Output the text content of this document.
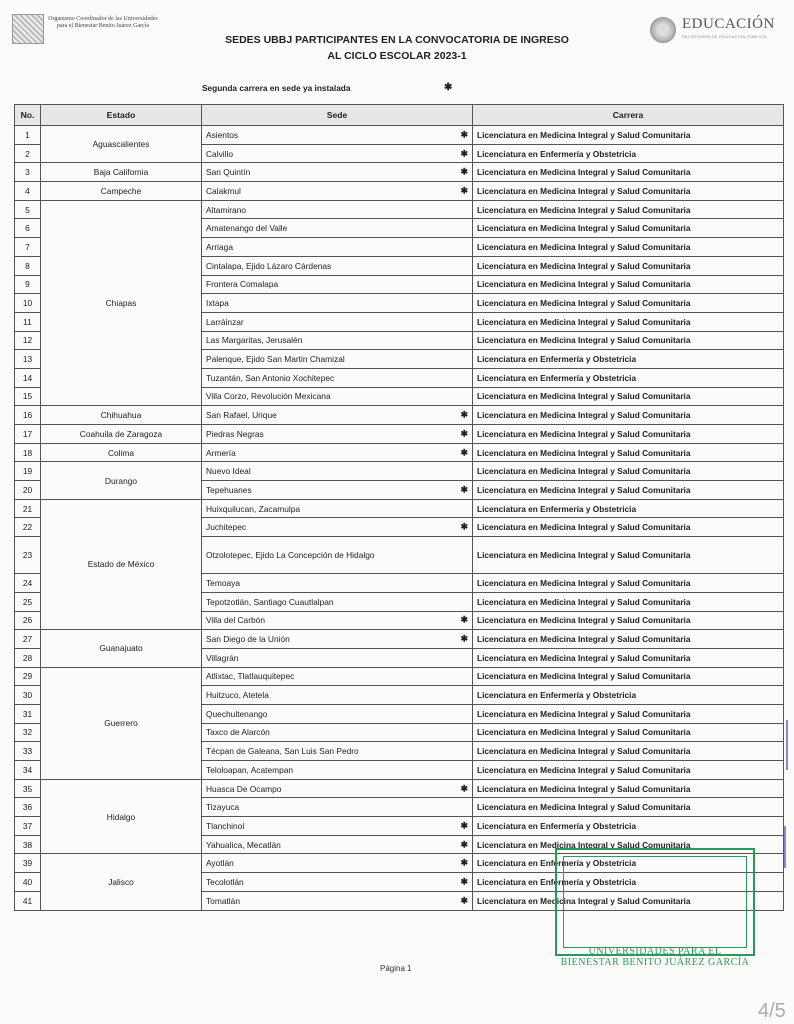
Organismo Coordinador de las Universidades para el Bienestar Benito Juárez García	EDUCACIÓN
SECRETARÍA DE EDUCACIÓN PÚBLICA
SEDES UBBJ PARTICIPANTES EN LA CONVOCATORIA DE INGRESO
AL CICLO ESCOLAR 2023-1
Segunda carrera en sede ya instalada	✱
No.	Estado	Sede	Carrera
1	Aguascalientes	Asientos ✱	Licenciatura en Medicina Integral y Salud Comunitaria
2		Calvillo ✱	Licenciatura en Enfermería y Obstetricia
3	Baja California	San Quintín ✱	Licenciatura en Medicina Integral y Salud Comunitaria
4	Campeche	Calakmul ✱	Licenciatura en Medicina Integral y Salud Comunitaria
5	Chiapas	Altamirano	Licenciatura en Medicina Integral y Salud Comunitaria
6		Amatenango del Valle	Licenciatura en Medicina Integral y Salud Comunitaria
7		Arriaga	Licenciatura en Medicina Integral y Salud Comunitaria
8		Cintalapa, Ejido Lázaro Cárdenas	Licenciatura en Medicina Integral y Salud Comunitaria
9		Frontera Comalapa	Licenciatura en Medicina Integral y Salud Comunitaria
10		Ixtapa	Licenciatura en Medicina Integral y Salud Comunitaria
11		Larráinzar	Licenciatura en Medicina Integral y Salud Comunitaria
12		Las Margaritas, Jerusalén	Licenciatura en Medicina Integral y Salud Comunitaria
13		Palenque, Ejido San Martin Chamizal	Licenciatura en Enfermería y Obstetricia
14		Tuzantán, San Antonio Xochitepec	Licenciatura en Enfermería y Obstetricia
15		Villa Corzo, Revolución Mexicana	Licenciatura en Medicina Integral y Salud Comunitaria
16	Chihuahua	San Rafael, Urique ✱	Licenciatura en Medicina Integral y Salud Comunitaria
17	Coahuila de Zaragoza	Piedras Negras ✱	Licenciatura en Medicina Integral y Salud Comunitaria
18	Colima	Armería ✱	Licenciatura en Medicina Integral y Salud Comunitaria
19	Durango	Nuevo Ideal	Licenciatura en Medicina Integral y Salud Comunitaria
20		Tepehuanes ✱	Licenciatura en Medicina Integral y Salud Comunitaria
21	Estado de México	Huixquilucan, Zacamulpa	Licenciatura en Enfermería y Obstetricia
22		Juchitepec ✱	Licenciatura en Medicina Integral y Salud Comunitaria
23		Otzolotepec, Ejido La Concepción de Hidalgo	Licenciatura en Medicina Integral y Salud Comunitaria
24		Temoaya	Licenciatura en Medicina Integral y Salud Comunitaria
25		Tepotzotlán, Santiago Cuautlalpan	Licenciatura en Medicina Integral y Salud Comunitaria
26		Villa del Carbón ✱	Licenciatura en Medicina Integral y Salud Comunitaria
27	Guanajuato	San Diego de la Unión ✱	Licenciatura en Medicina Integral y Salud Comunitaria
28		Villagrán	Licenciatura en Medicina Integral y Salud Comunitaria
29	Guerrero	Atlixtac, Tlatlauquitepec	Licenciatura en Medicina Integral y Salud Comunitaria
30		Huitzuco, Atetela	Licenciatura en Enfermería y Obstetricia
31		Quechultenango	Licenciatura en Medicina Integral y Salud Comunitaria
32		Taxco de Alarcón	Licenciatura en Medicina Integral y Salud Comunitaria
33		Técpan de Galeana, San Luis San Pedro	Licenciatura en Medicina Integral y Salud Comunitaria
34		Teloloapan, Acatempan	Licenciatura en Medicina Integral y Salud Comunitaria
35	Hidalgo	Huasca De Ocampo ✱	Licenciatura en Medicina Integral y Salud Comunitaria
36		Tizayuca	Licenciatura en Medicina Integral y Salud Comunitaria
37		Tlanchinol ✱	Licenciatura en Enfermería y Obstetricia
38		Yahualica, Mecatlán ✱	Licenciatura en Medicina Integral y Salud Comunitaria
39	Jalisco	Ayotlán ✱	Licenciatura en Enfermería y Obstetricia
40		Tecolotlán ✱	Licenciatura en Enfermería y Obstetricia
41		Tomatlán ✱	Licenciatura en Medicina Integral y Salud Comunitaria
UNIVERSIDADES PARA EL BIENESTAR BENITO JUÁREZ GARCÍA
Página 1
4/5
